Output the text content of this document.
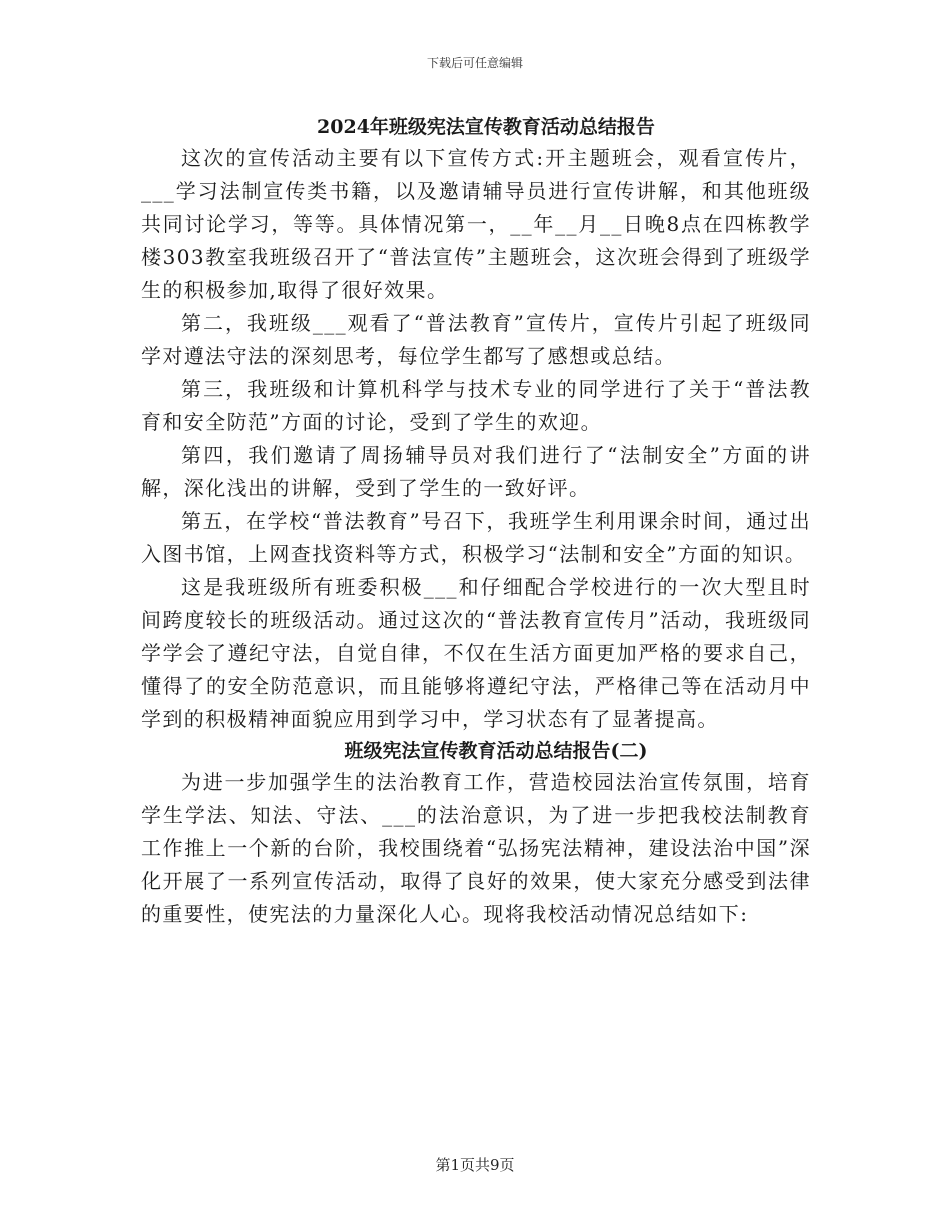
下载后可任意编辑
2024年班级宪法宣传教育活动总结报告

这次的宣传活动主要有以下宣传方式:开主题班会，观看宣传片，___学习法制宣传类书籍，以及邀请辅导员进行宣传讲解，和其他班级共同讨论学习，等等。具体情况第一，__年__月__日晚8点在四栋教学楼303教室我班级召开了“普法宣传”主题班会，这次班会得到了班级学生的积极参加,取得了很好效果。

第二，我班级___观看了“普法教育”宣传片，宣传片引起了班级同学对遵法守法的深刻思考，每位学生都写了感想或总结。

第三，我班级和计算机科学与技术专业的同学进行了关于“普法教育和安全防范”方面的讨论，受到了学生的欢迎。

第四，我们邀请了周扬辅导员对我们进行了“法制安全”方面的讲解，深化浅出的讲解，受到了学生的一致好评。

第五，在学校“普法教育”号召下，我班学生利用课余时间，通过出入图书馆，上网查找资料等方式，积极学习“法制和安全”方面的知识。

这是我班级所有班委积极___和仔细配合学校进行的一次大型且时间跨度较长的班级活动。通过这次的“普法教育宣传月”活动，我班级同学学会了遵纪守法，自觉自律，不仅在生活方面更加严格的要求自己，懂得了的安全防范意识，而且能够将遵纪守法，严格律己等在活动月中学到的积极精神面貌应用到学习中，学习状态有了显著提高。

班级宪法宣传教育活动总结报告(二)

为进一步加强学生的法治教育工作，营造校园法治宣传氛围，培育学生学法、知法、守法、___的法治意识，为了进一步把我校法制教育工作推上一个新的台阶，我校围绕着“弘扬宪法精神，建设法治中国”深化开展了一系列宣传活动，取得了良好的效果，使大家充分感受到法律的重要性，使宪法的力量深化人心。现将我校活动情况总结如下:

第1页共9页
